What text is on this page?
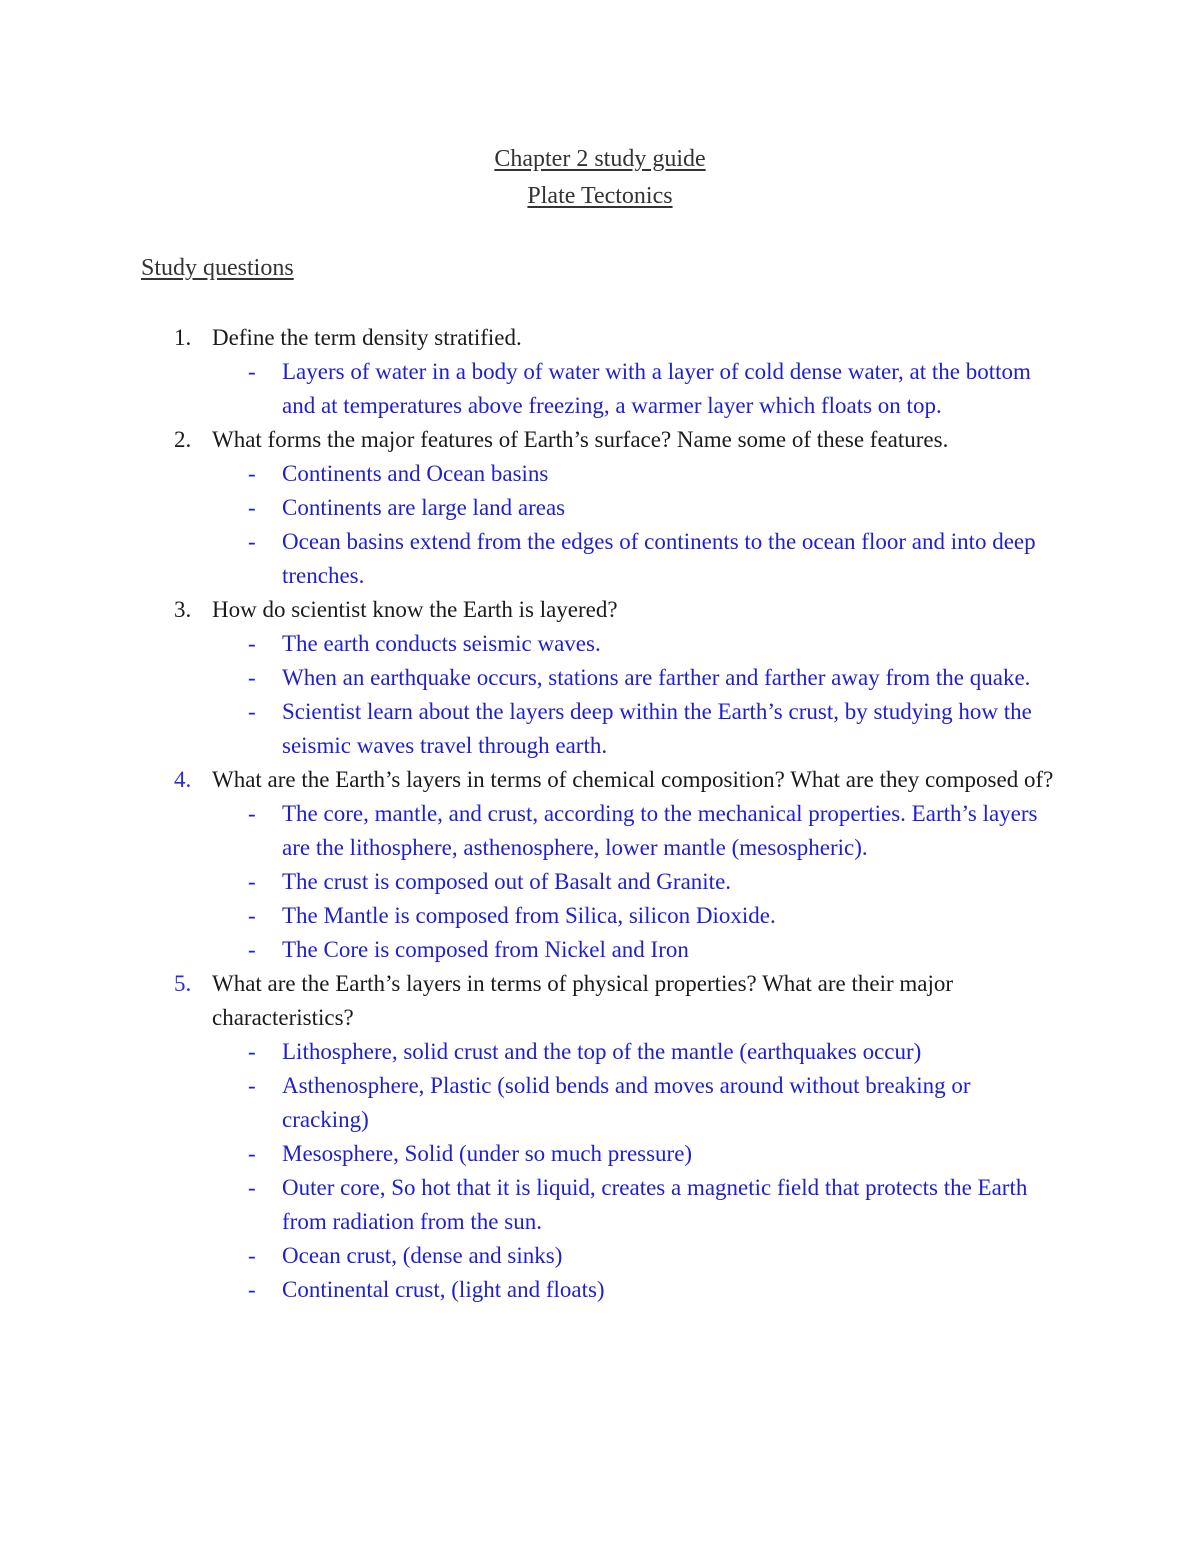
Chapter 2 study guide
Plate Tectonics
Study questions
1. Define the term density stratified.
- Layers of water in a body of water with a layer of cold dense water, at the bottom and at temperatures above freezing, a warmer layer which floats on top.
2. What forms the major features of Earth’s surface? Name some of these features.
- Continents and Ocean basins
- Continents are large land areas
- Ocean basins extend from the edges of continents to the ocean floor and into deep trenches.
3. How do scientist know the Earth is layered?
- The earth conducts seismic waves.
- When an earthquake occurs, stations are farther and farther away from the quake.
- Scientist learn about the layers deep within the Earth’s crust, by studying how the seismic waves travel through earth.
4. What are the Earth’s layers in terms of chemical composition? What are they composed of?
- The core, mantle, and crust, according to the mechanical properties. Earth’s layers are the lithosphere, asthenosphere, lower mantle (mesospheric).
- The crust is composed out of Basalt and Granite.
- The Mantle is composed from Silica, silicon Dioxide.
- The Core is composed from Nickel and Iron
5. What are the Earth’s layers in terms of physical properties? What are their major characteristics?
- Lithosphere, solid crust and the top of the mantle (earthquakes occur)
- Asthenosphere, Plastic (solid bends and moves around without breaking or cracking)
- Mesosphere, Solid (under so much pressure)
- Outer core, So hot that it is liquid, creates a magnetic field that protects the Earth from radiation from the sun.
- Ocean crust, (dense and sinks)
- Continental crust, (light and floats)
